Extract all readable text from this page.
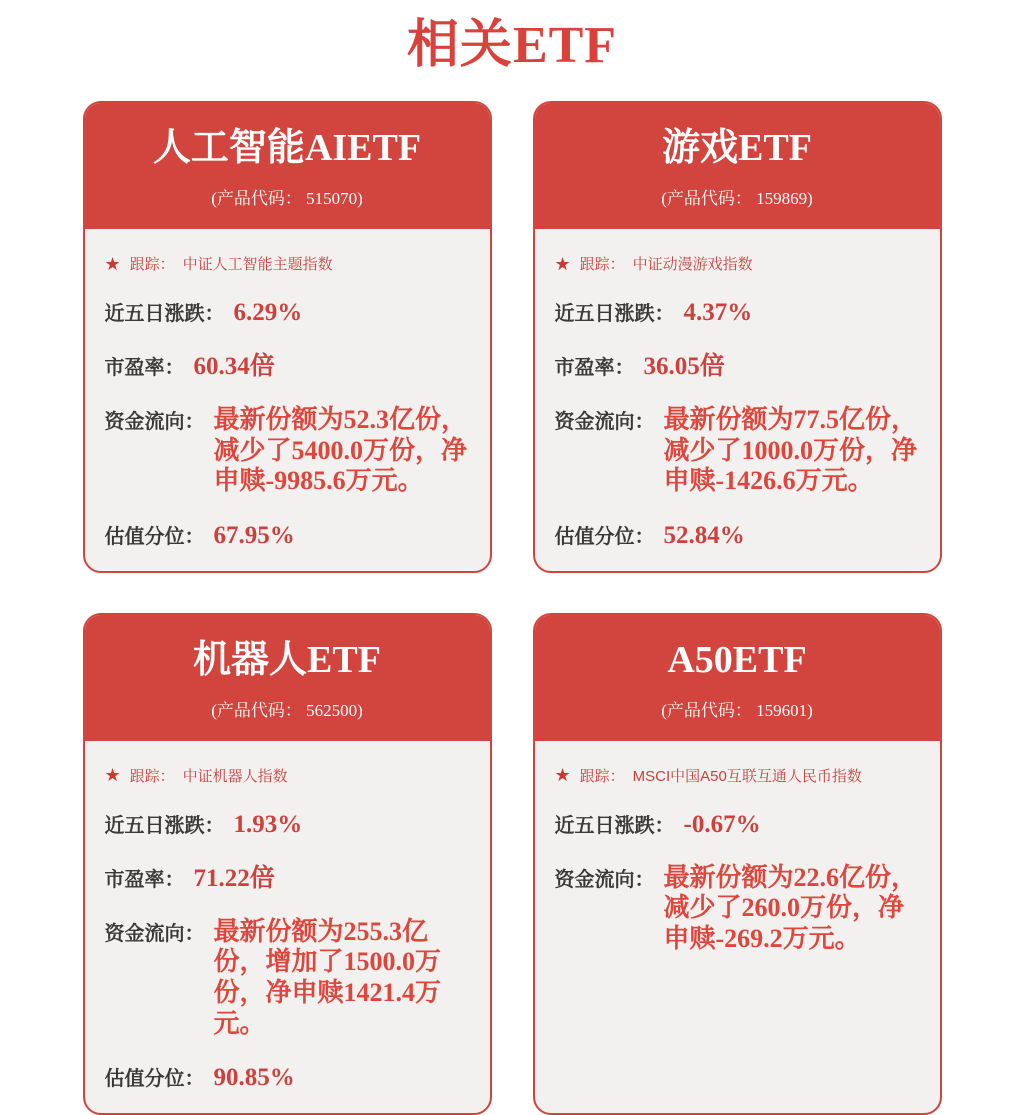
相关ETF
人工智能AIETF
(产品代码： 515070)
★ 跟踪： 中证人工智能主题指数
近五日涨跌： 6.29%
市盈率： 60.34倍
资金流向： 最新份额为52.3亿份，减少了5400.0万份，净申赎-9985.6万元。
估值分位： 67.95%
游戏ETF
(产品代码： 159869)
★ 跟踪： 中证动漫游戏指数
近五日涨跌： 4.37%
市盈率： 36.05倍
资金流向： 最新份额为77.5亿份，减少了1000.0万份，净申赎-1426.6万元。
估值分位： 52.84%
机器人ETF
(产品代码： 562500)
★ 跟踪： 中证机器人指数
近五日涨跌： 1.93%
市盈率： 71.22倍
资金流向： 最新份额为255.3亿份，增加了1500.0万份，净申赎1421.4万元。
估值分位： 90.85%
A50ETF
(产品代码： 159601)
★ 跟踪： MSCI中国A50互联互通人民币指数
近五日涨跌： -0.67%
资金流向： 最新份额为22.6亿份，减少了260.0万份，净申赎-269.2万元。
